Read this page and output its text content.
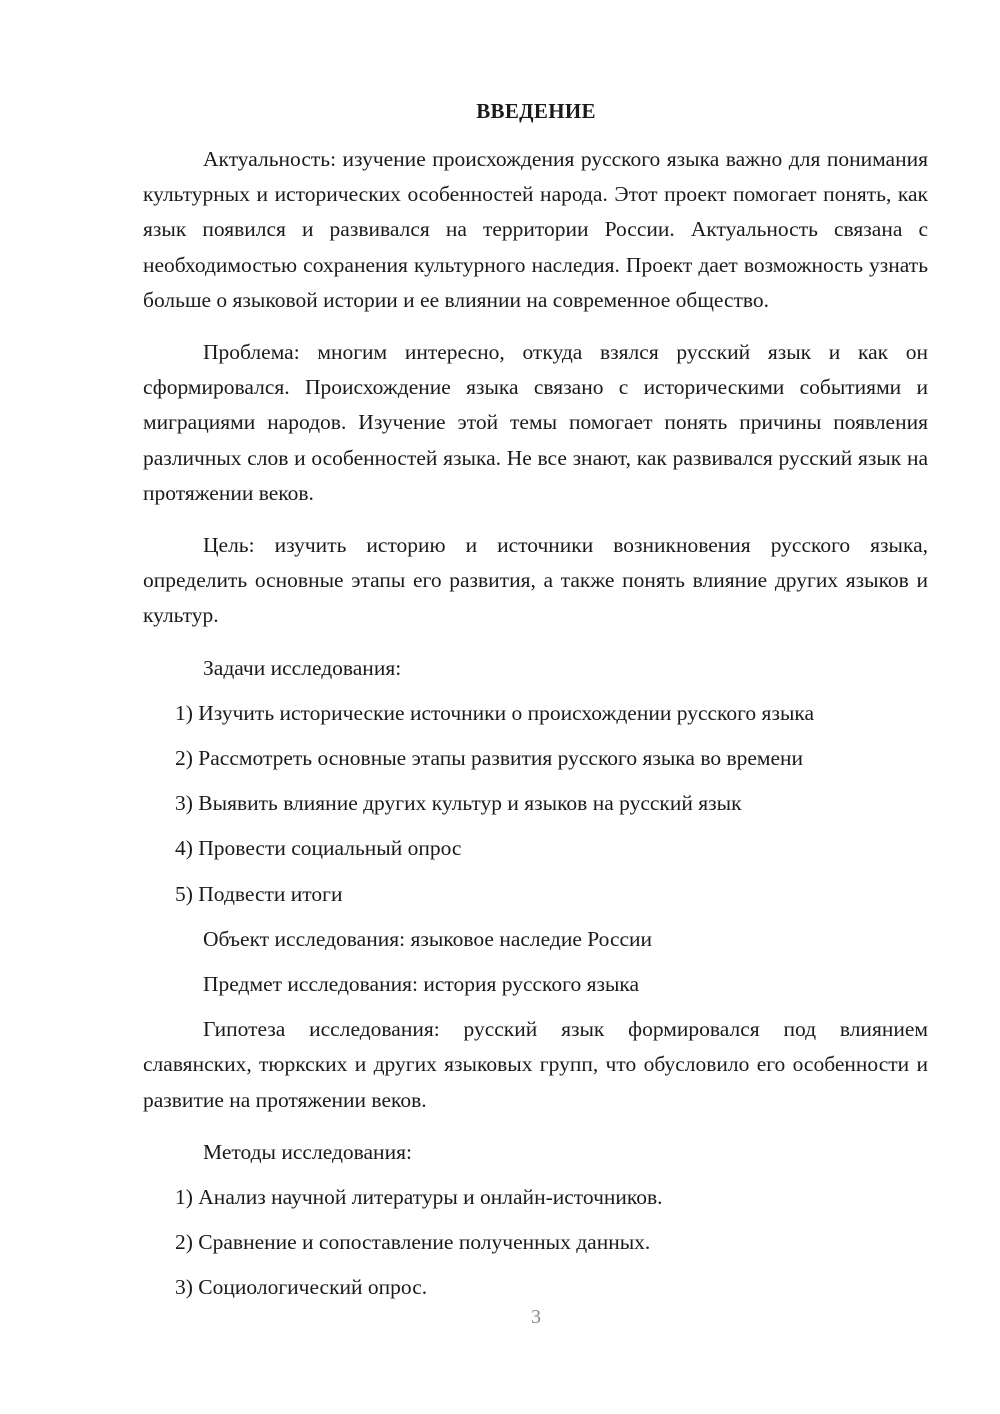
ВВЕДЕНИЕ

Актуальность: изучение происхождения русского языка важно для понимания культурных и исторических особенностей народа. Этот проект помогает понять, как язык появился и развивался на территории России. Актуальность связана с необходимостью сохранения культурного наследия. Проект дает возможность узнать больше о языковой истории и ее влиянии на современное общество.

Проблема: многим интересно, откуда взялся русский язык и как он сформировался. Происхождение языка связано с историческими событиями и миграциями народов. Изучение этой темы помогает понять причины появления различных слов и особенностей языка. Не все знают, как развивался русский язык на протяжении веков.

Цель: изучить историю и источники возникновения русского языка, определить основные этапы его развития, а также понять влияние других языков и культур.

Задачи исследования:
1) Изучить исторические источники о происхождении русского языка
2) Рассмотреть основные этапы развития русского языка во времени
3) Выявить влияние других культур и языков на русский язык
4) Провести социальный опрос
5) Подвести итоги
Объект исследования: языковое наследие России
Предмет исследования: история русского языка

Гипотеза исследования: русский язык формировался под влиянием славянских, тюркских и других языковых групп, что обусловило его особенности и развитие на протяжении веков.

Методы исследования:
1) Анализ научной литературы и онлайн-источников.
2) Сравнение и сопоставление полученных данных.
3) Социологический опрос.
3
